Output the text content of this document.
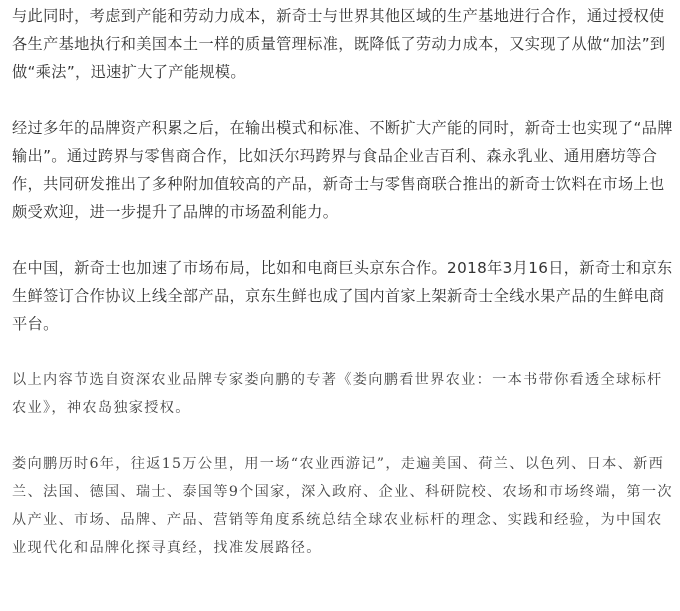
与此同时，考虑到产能和劳动力成本，新奇士与世界其他区域的生产基地进行合作，通过授权使各生产基地执行和美国本土一样的质量管理标准，既降低了劳动力成本，又实现了从做“加法”到做“乘法”，迅速扩大了产能规模。

经过多年的品牌资产积累之后，在输出模式和标准、不断扩大产能的同时，新奇士也实现了“品牌输出”。通过跨界与零售商合作，比如沃尔玛跨界与食品企业吉百利、森永乳业、通用磨坊等合作，共同研发推出了多种附加值较高的产品，新奇士与零售商联合推出的新奇士饮料在市场上也颇受欢迎，进一步提升了品牌的市场盈利能力。

在中国，新奇士也加速了市场布局，比如和电商巨头京东合作。2018年3月16日，新奇士和京东生鲜签订合作协议上线全部产品，京东生鲜也成了国内首家上架新奇士全线水果产品的生鲜电商平台。

以上内容节选自资深农业品牌专家娄向鹏的专著《娄向鹏看世界农业：一本书带你看透全球标杆农业》，神农岛独家授权。

娄向鹏历时6年，往返15万公里，用一场“农业西游记”，走遍美国、荷兰、以色列、日本、新西兰、法国、德国、瑞士、泰国等9个国家，深入政府、企业、科研院校、农场和市场终端，第一次从产业、市场、品牌、产品、营销等角度系统总结全球农业标杆的理念、实践和经验，为中国农业现代化和品牌化探寻真经，找准发展路径。
